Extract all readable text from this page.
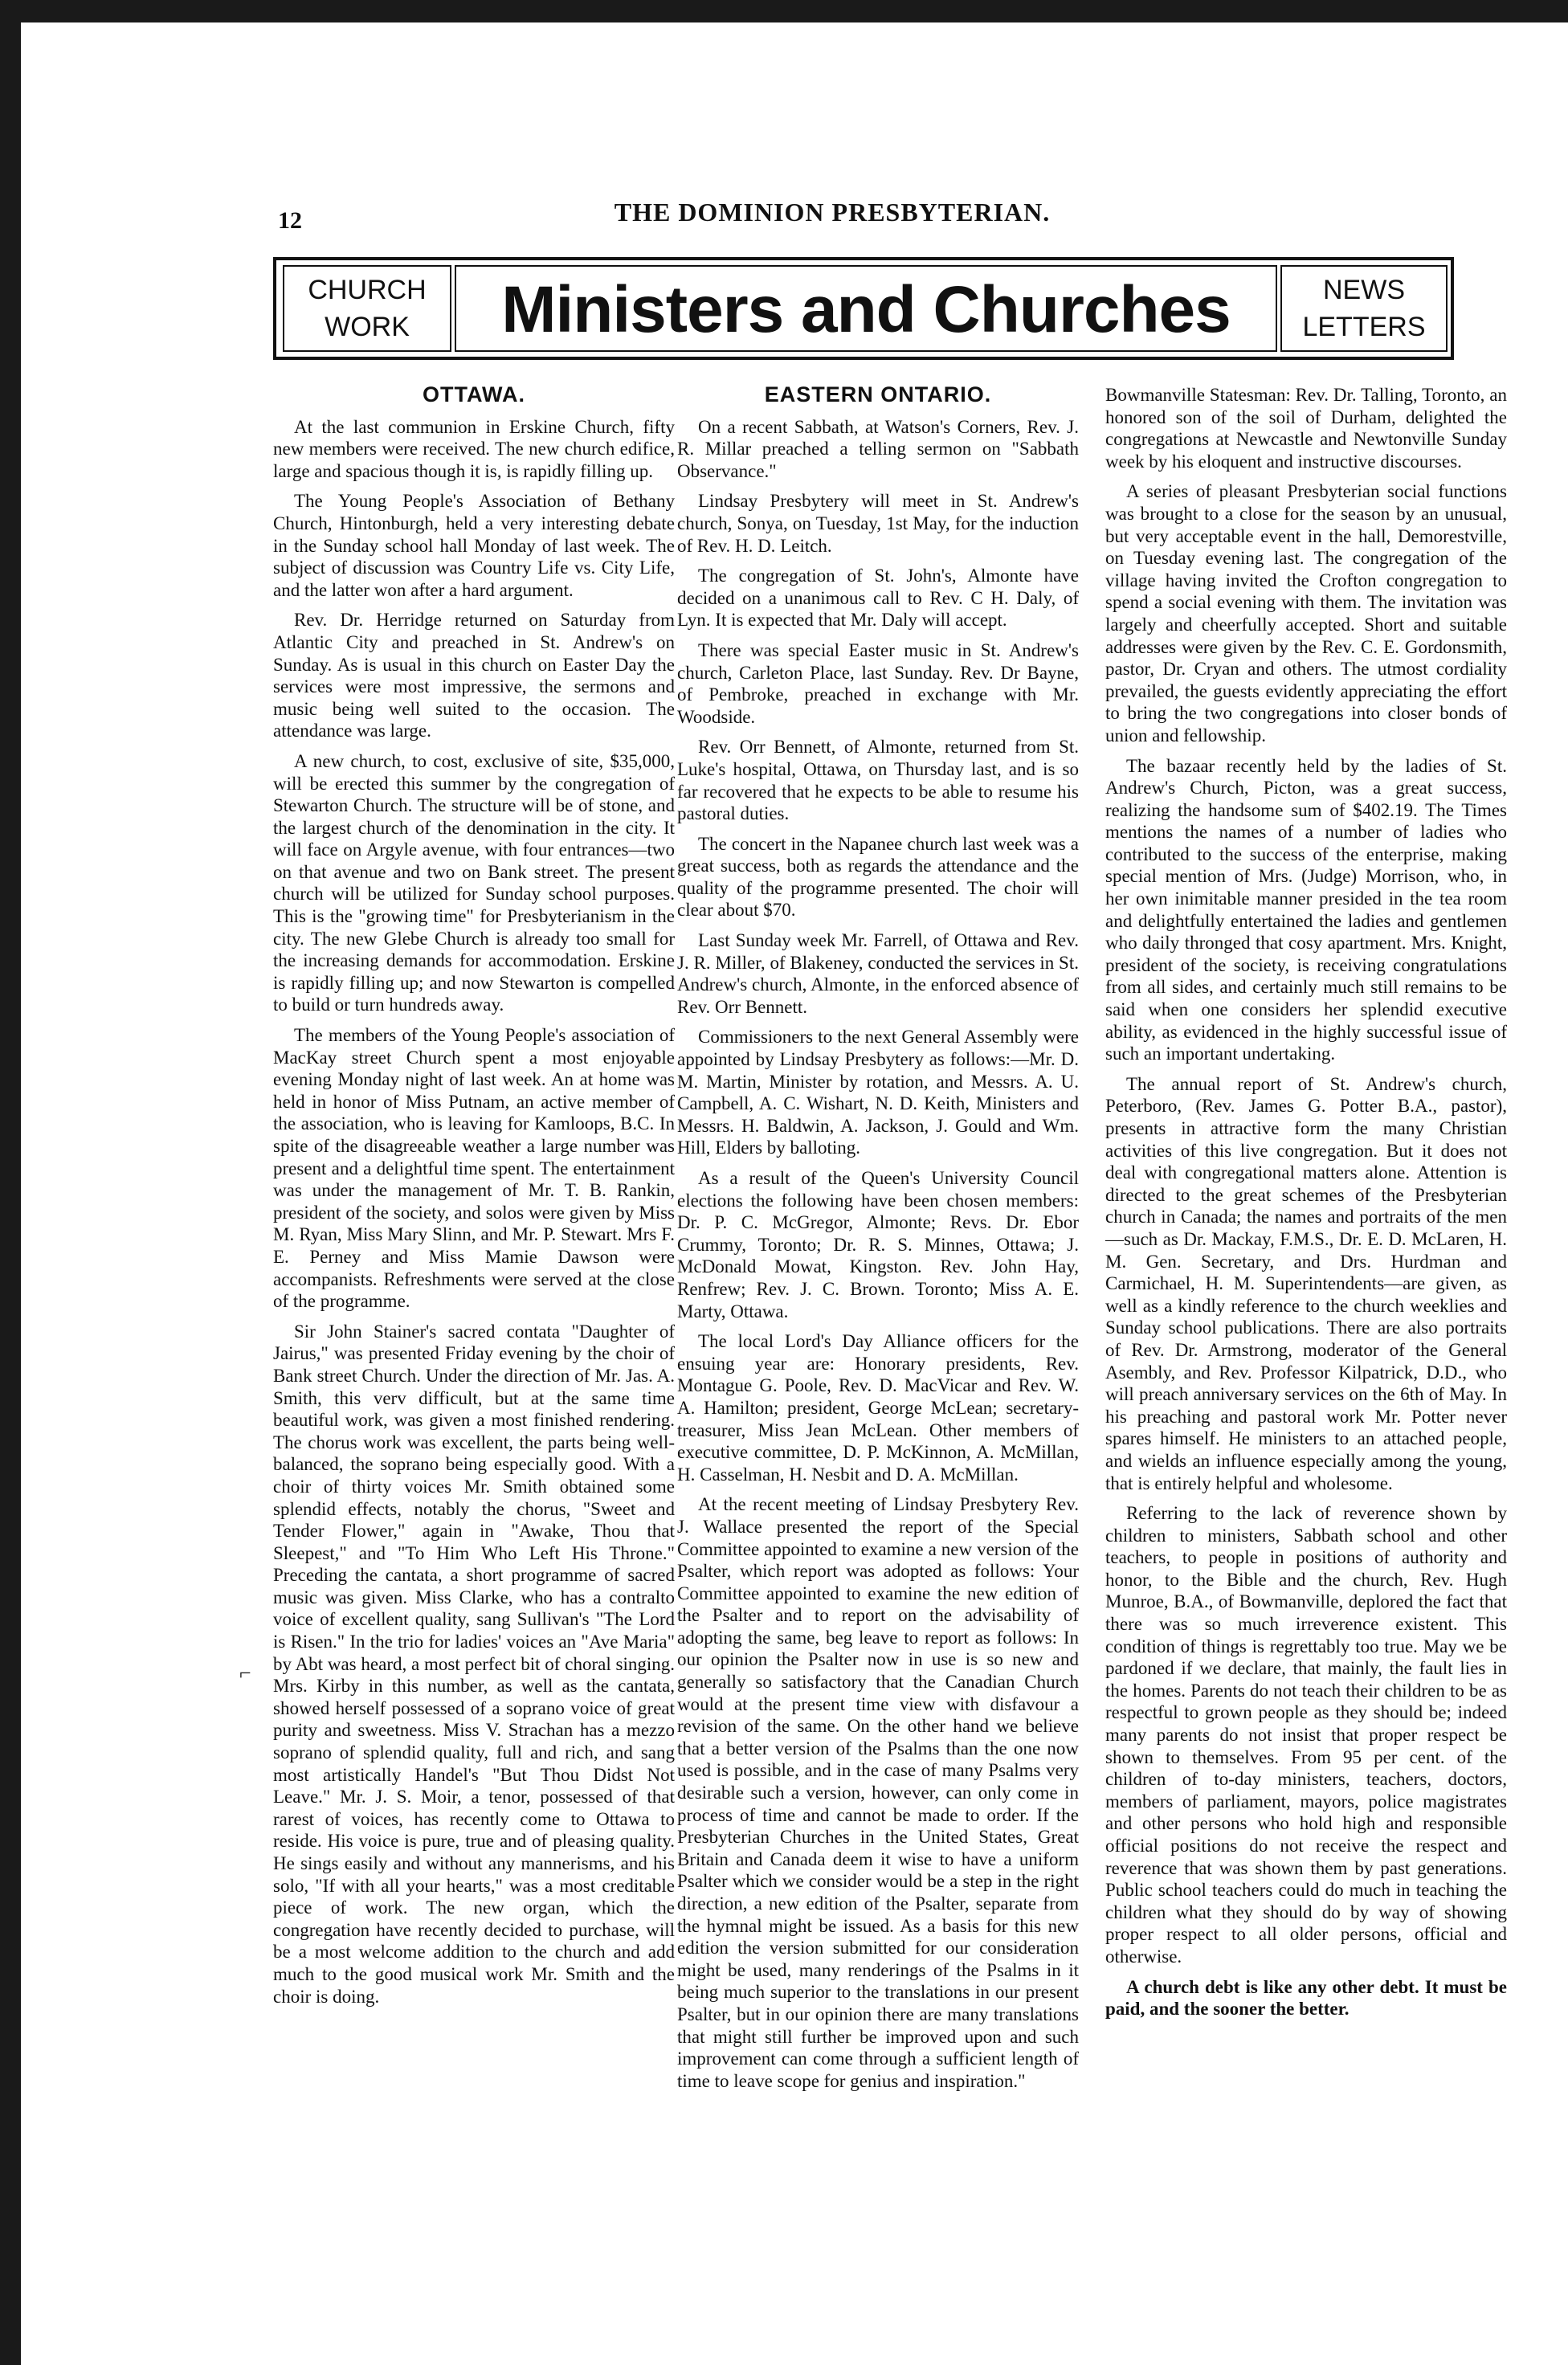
12	THE DOMINION PRESBYTERIAN.
CHURCH
WORK	Ministers and Churches	NEWS
LETTERS
OTTAWA.

At the last communion in Erskine Church, fifty new members were received. The new church edifice, large and spacious though it is, is rapidly filling up.

The Young People's Association of Bethany Church, Hintonburgh, held a very interesting debate in the Sunday school hall Monday of last week. The subject of discussion was Country Life vs. City Life, and the latter won after a hard argument.

Rev. Dr. Herridge returned on Saturday from Atlantic City and preached in St. Andrew's on Sunday. As is usual in this church on Easter Day the services were most impressive, the sermons and music being well suited to the occasion. The attendance was large.

A new church, to cost, exclusive of site, $35,000, will be erected this summer by the congregation of Stewarton Church. The structure will be of stone, and the largest church of the denomination in the city. It will face on Argyle avenue, with four entrances—two on that avenue and two on Bank street. The present church will be utilized for Sunday school purposes. This is the "growing time" for Presbyterianism in the city. The new Glebe Church is already too small for the increasing demands for accommodation. Erskine is rapidly filling up; and now Stewarton is compelled to build or turn hundreds away.

The members of the Young People's association of MacKay street Church spent a most enjoyable evening Monday night of last week. An at home was held in honor of Miss Putnam, an active member of the association, who is leaving for Kamloops, B.C. In spite of the disagreeable weather a large number was present and a delightful time spent. The entertainment was under the management of Mr. T. B. Rankin, president of the society, and solos were given by Miss M. Ryan, Miss Mary Slinn, and Mr. P. Stewart. Mrs F. E. Perney and Miss Mamie Dawson were accompanists. Refreshments were served at the close of the programme.

Sir John Stainer's sacred contata "Daughter of Jairus," was presented Friday evening by the choir of Bank street Church. Under the direction of Mr. Jas. A. Smith, this verv difficult, but at the same time beautiful work, was given a most finished rendering. The chorus work was excellent, the parts being well-balanced, the soprano being especially good. With a choir of thirty voices Mr. Smith obtained some splendid effects, notably the chorus, "Sweet and Tender Flower," again in "Awake, Thou that Sleepest," and "To Him Who Left His Throne." Preceding the cantata, a short programme of sacred music was given. Miss Clarke, who has a contralto voice of excellent quality, sang Sullivan's "The Lord is Risen." In the trio for ladies' voices an "Ave Maria" by Abt was heard, a most perfect bit of choral singing. Mrs. Kirby in this number, as well as the cantata, showed herself possessed of a soprano voice of great purity and sweetness. Miss V. Strachan has a mezzo soprano of splendid quality, full and rich, and sang most artistically Handel's "But Thou Didst Not Leave." Mr. J. S. Moir, a tenor, possessed of that rarest of voices, has recently come to Ottawa to reside. His voice is pure, true and of pleasing quality. He sings easily and without any mannerisms, and his solo, "If with all your hearts," was a most creditable piece of work. The new organ, which the congregation have recently decided to purchase, will be a most welcome addition to the church and add much to the good musical work Mr. Smith and the choir is doing.

⌐
EASTERN ONTARIO.

On a recent Sabbath, at Watson's Corners, Rev. J. R. Millar preached a telling sermon on "Sabbath Observance."

Lindsay Presbytery will meet in St. Andrew's church, Sonya, on Tuesday, 1st May, for the induction of Rev. H. D. Leitch.

The congregation of St. John's, Almonte have decided on a unanimous call to Rev. C H. Daly, of Lyn. It is expected that Mr. Daly will accept.

There was special Easter music in St. Andrew's church, Carleton Place, last Sunday. Rev. Dr Bayne, of Pembroke, preached in exchange with Mr. Woodside.

Rev. Orr Bennett, of Almonte, returned from St. Luke's hospital, Ottawa, on Thursday last, and is so far recovered that he expects to be able to resume his pastoral duties.

The concert in the Napanee church last week was a great success, both as regards the attendance and the quality of the programme presented. The choir will clear about $70.

Last Sunday week Mr. Farrell, of Ottawa and Rev. J. R. Miller, of Blakeney, conducted the services in St. Andrew's church, Almonte, in the enforced absence of Rev. Orr Bennett.

Commissioners to the next General Assembly were appointed by Lindsay Presbytery as follows:—Mr. D. M. Martin, Minister by rotation, and Messrs. A. U. Campbell, A. C. Wishart, N. D. Keith, Ministers and Messrs. H. Baldwin, A. Jackson, J. Gould and Wm. Hill, Elders by balloting.

As a result of the Queen's University Council elections the following have been chosen members: Dr. P. C. McGregor, Almonte; Revs. Dr. Ebor Crummy, Toronto; Dr. R. S. Minnes, Ottawa; J. McDonald Mowat, Kingston. Rev. John Hay, Renfrew; Rev. J. C. Brown. Toronto; Miss A. E. Marty, Ottawa.

The local Lord's Day Alliance officers for the ensuing year are: Honorary presidents, Rev. Montague G. Poole, Rev. D. MacVicar and Rev. W. A. Hamilton; president, George McLean; secretary-treasurer, Miss Jean McLean. Other members of executive committee, D. P. McKinnon, A. McMillan, H. Casselman, H. Nesbit and D. A. McMillan.

At the recent meeting of Lindsay Presbytery Rev. J. Wallace presented the report of the Special Committee appointed to examine a new version of the Psalter, which report was adopted as follows: Your Committee appointed to examine the new edition of the Psalter and to report on the advisability of adopting the same, beg leave to report as follows: In our opinion the Psalter now in use is so new and generally so satisfactory that the Canadian Church would at the present time view with disfavour a revision of the same. On the other hand we believe that a better version of the Psalms than the one now used is possible, and in the case of many Psalms very desirable such a version, however, can only come in process of time and cannot be made to order. If the Presbyterian Churches in the United States, Great Britain and Canada deem it wise to have a uniform Psalter which we consider would be a step in the right direction, a new edition of the Psalter, separate from the hymnal might be issued. As a basis for this new edition the version submitted for our consideration might be used, many renderings of the Psalms in it being much superior to the translations in our present Psalter, but in our opinion there are many translations that might still further be improved upon and such improvement can come through a sufficient length of time to leave scope for genius and inspiration."

Bowmanville Statesman: Rev. Dr. Talling, Toronto, an honored son of the soil of Durham, delighted the congregations at Newcastle and Newtonville Sunday week by his eloquent and instructive discourses.

A series of pleasant Presbyterian social functions was brought to a close for the season by an unusual, but very acceptable event in the hall, Demorestville, on Tuesday evening last. The congregation of the village having invited the Crofton congregation to spend a social evening with them. The invitation was largely and cheerfully accepted. Short and suitable addresses were given by the Rev. C. E. Gordonsmith, pastor, Dr. Cryan and others. The utmost cordiality prevailed, the guests evidently appreciating the effort to bring the two congregations into closer bonds of union and fellowship.

The bazaar recently held by the ladies of St. Andrew's Church, Picton, was a great success, realizing the handsome sum of $402.19. The Times mentions the names of a number of ladies who contributed to the success of the enterprise, making special mention of Mrs. (Judge) Morrison, who, in her own inimitable manner presided in the tea room and delightfully entertained the ladies and gentlemen who daily thronged that cosy apartment. Mrs. Knight, president of the society, is receiving congratulations from all sides, and certainly much still remains to be said when one considers her splendid executive ability, as evidenced in the highly successful issue of such an important undertaking.

The annual report of St. Andrew's church, Peterboro, (Rev. James G. Potter B.A., pastor), presents in attractive form the many Christian activities of this live congregation. But it does not deal with congregational matters alone. Attention is directed to the great schemes of the Presbyterian church in Canada; the names and portraits of the men—such as Dr. Mackay, F.M.S., Dr. E. D. McLaren, H. M. Gen. Secretary, and Drs. Hurdman and Carmichael, H. M. Superintendents—are given, as well as a kindly reference to the church weeklies and Sunday school publications. There are also portraits of Rev. Dr. Armstrong, moderator of the General Asembly, and Rev. Professor Kilpatrick, D.D., who will preach anniversary services on the 6th of May. In his preaching and pastoral work Mr. Potter never spares himself. He ministers to an attached people, and wields an influence especially among the young, that is entirely helpful and wholesome.

Referring to the lack of reverence shown by children to ministers, Sabbath school and other teachers, to people in positions of authority and honor, to the Bible and the church, Rev. Hugh Munroe, B.A., of Bowmanville, deplored the fact that there was so much irreverence existent. This condition of things is regrettably too true. May we be pardoned if we declare, that mainly, the fault lies in the homes. Parents do not teach their children to be as respectful to grown people as they should be; indeed many parents do not insist that proper respect be shown to themselves. From 95 per cent. of the children of to-day ministers, teachers, doctors, members of parliament, mayors, police magistrates and other persons who hold high and responsible official positions do not receive the respect and reverence that was shown them by past generations. Public school teachers could do much in teaching the children what they should do by way of showing proper respect to all older persons, official and otherwise.

A church debt is like any other debt. It must be paid, and the sooner the better.
